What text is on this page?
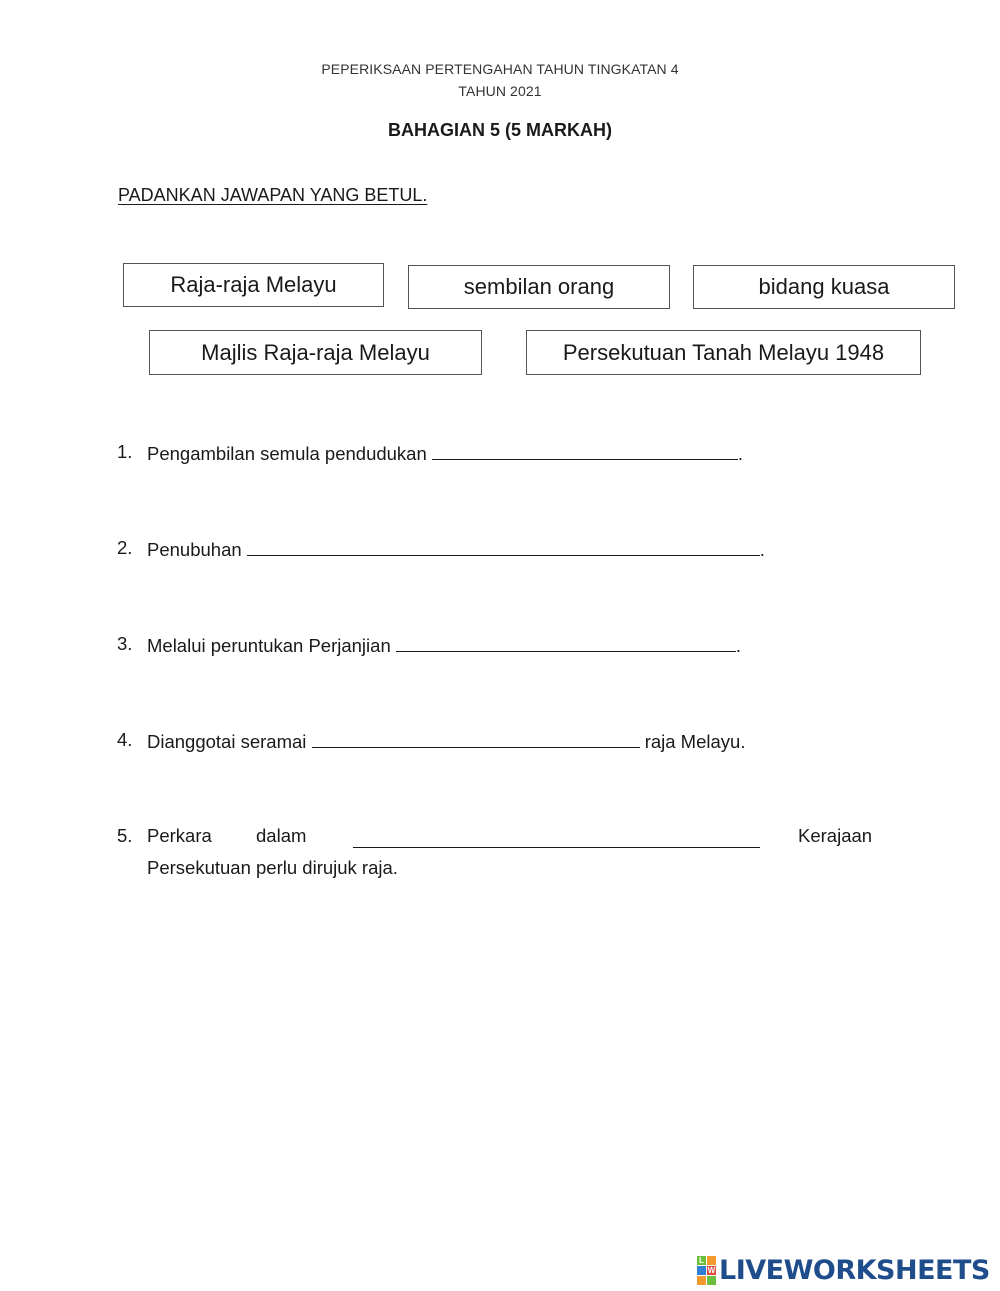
PEPERIKSAAN PERTENGAHAN TAHUN TINGKATAN 4
TAHUN 2021
BAHAGIAN 5 (5 MARKAH)
PADANKAN JAWAPAN YANG BETUL.
Raja-raja Melayu	sembilan orang	bidang kuasa
Majlis Raja-raja Melayu	Persekutuan Tanah Melayu 1948
1. Pengambilan semula pendudukan	.
2. Penubuhan	.
3. Melalui peruntukan Perjanjian	.
4. Dianggotai seramai	raja Melayu.
5. Perkara dalam	Kerajaan
Persekutuan perlu dirujuk raja.
L
W LIVEWORKSHEETS
